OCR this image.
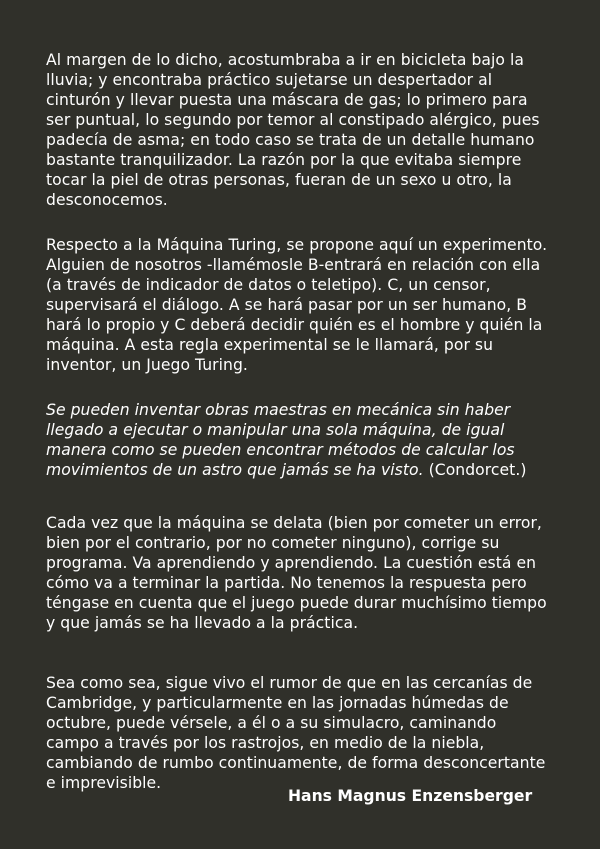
Al margen de lo dicho, acostumbraba a ir en bicicleta bajo la
lluvia; y encontraba práctico sujetarse un despertador al
cinturón y llevar puesta una máscara de gas; lo primero para
ser puntual, lo segundo por temor al constipado alérgico, pues
padecía de asma; en todo caso se trata de un detalle humano
bastante tranquilizador. La razón por la que evitaba siempre
tocar la piel de otras personas, fueran de un sexo u otro, la
desconocemos.

Respecto a la Máquina Turing, se propone aquí un experimento.
Alguien de nosotros -llamémosle B-entrará en relación con ella
(a través de indicador de datos o teletipo). C, un censor,
supervisará el diálogo. A se hará pasar por un ser humano, B
hará lo propio y C deberá decidir quién es el hombre y quién la
máquina. A esta regla experimental se le llamará, por su
inventor, un Juego Turing.

Se pueden inventar obras maestras en mecánica sin haber
llegado a ejecutar o manipular una sola máquina, de igual
manera como se pueden encontrar métodos de calcular los
movimientos de un astro que jamás se ha visto. (Condorcet.)

Cada vez que la máquina se delata (bien por cometer un error,
bien por el contrario, por no cometer ninguno), corrige su
programa. Va aprendiendo y aprendiendo. La cuestión está en
cómo va a terminar la partida. No tenemos la respuesta pero
téngase en cuenta que el juego puede durar muchísimo tiempo
y que jamás se ha llevado a la práctica.

Sea como sea, sigue vivo el rumor de que en las cercanías de
Cambridge, y particularmente en las jornadas húmedas de
octubre, puede vérsele, a él o a su simulacro, caminando
campo a través por los rastrojos, en medio de la niebla,
cambiando de rumbo continuamente, de forma desconcertante
e imprevisible.

Hans Magnus Enzensberger
